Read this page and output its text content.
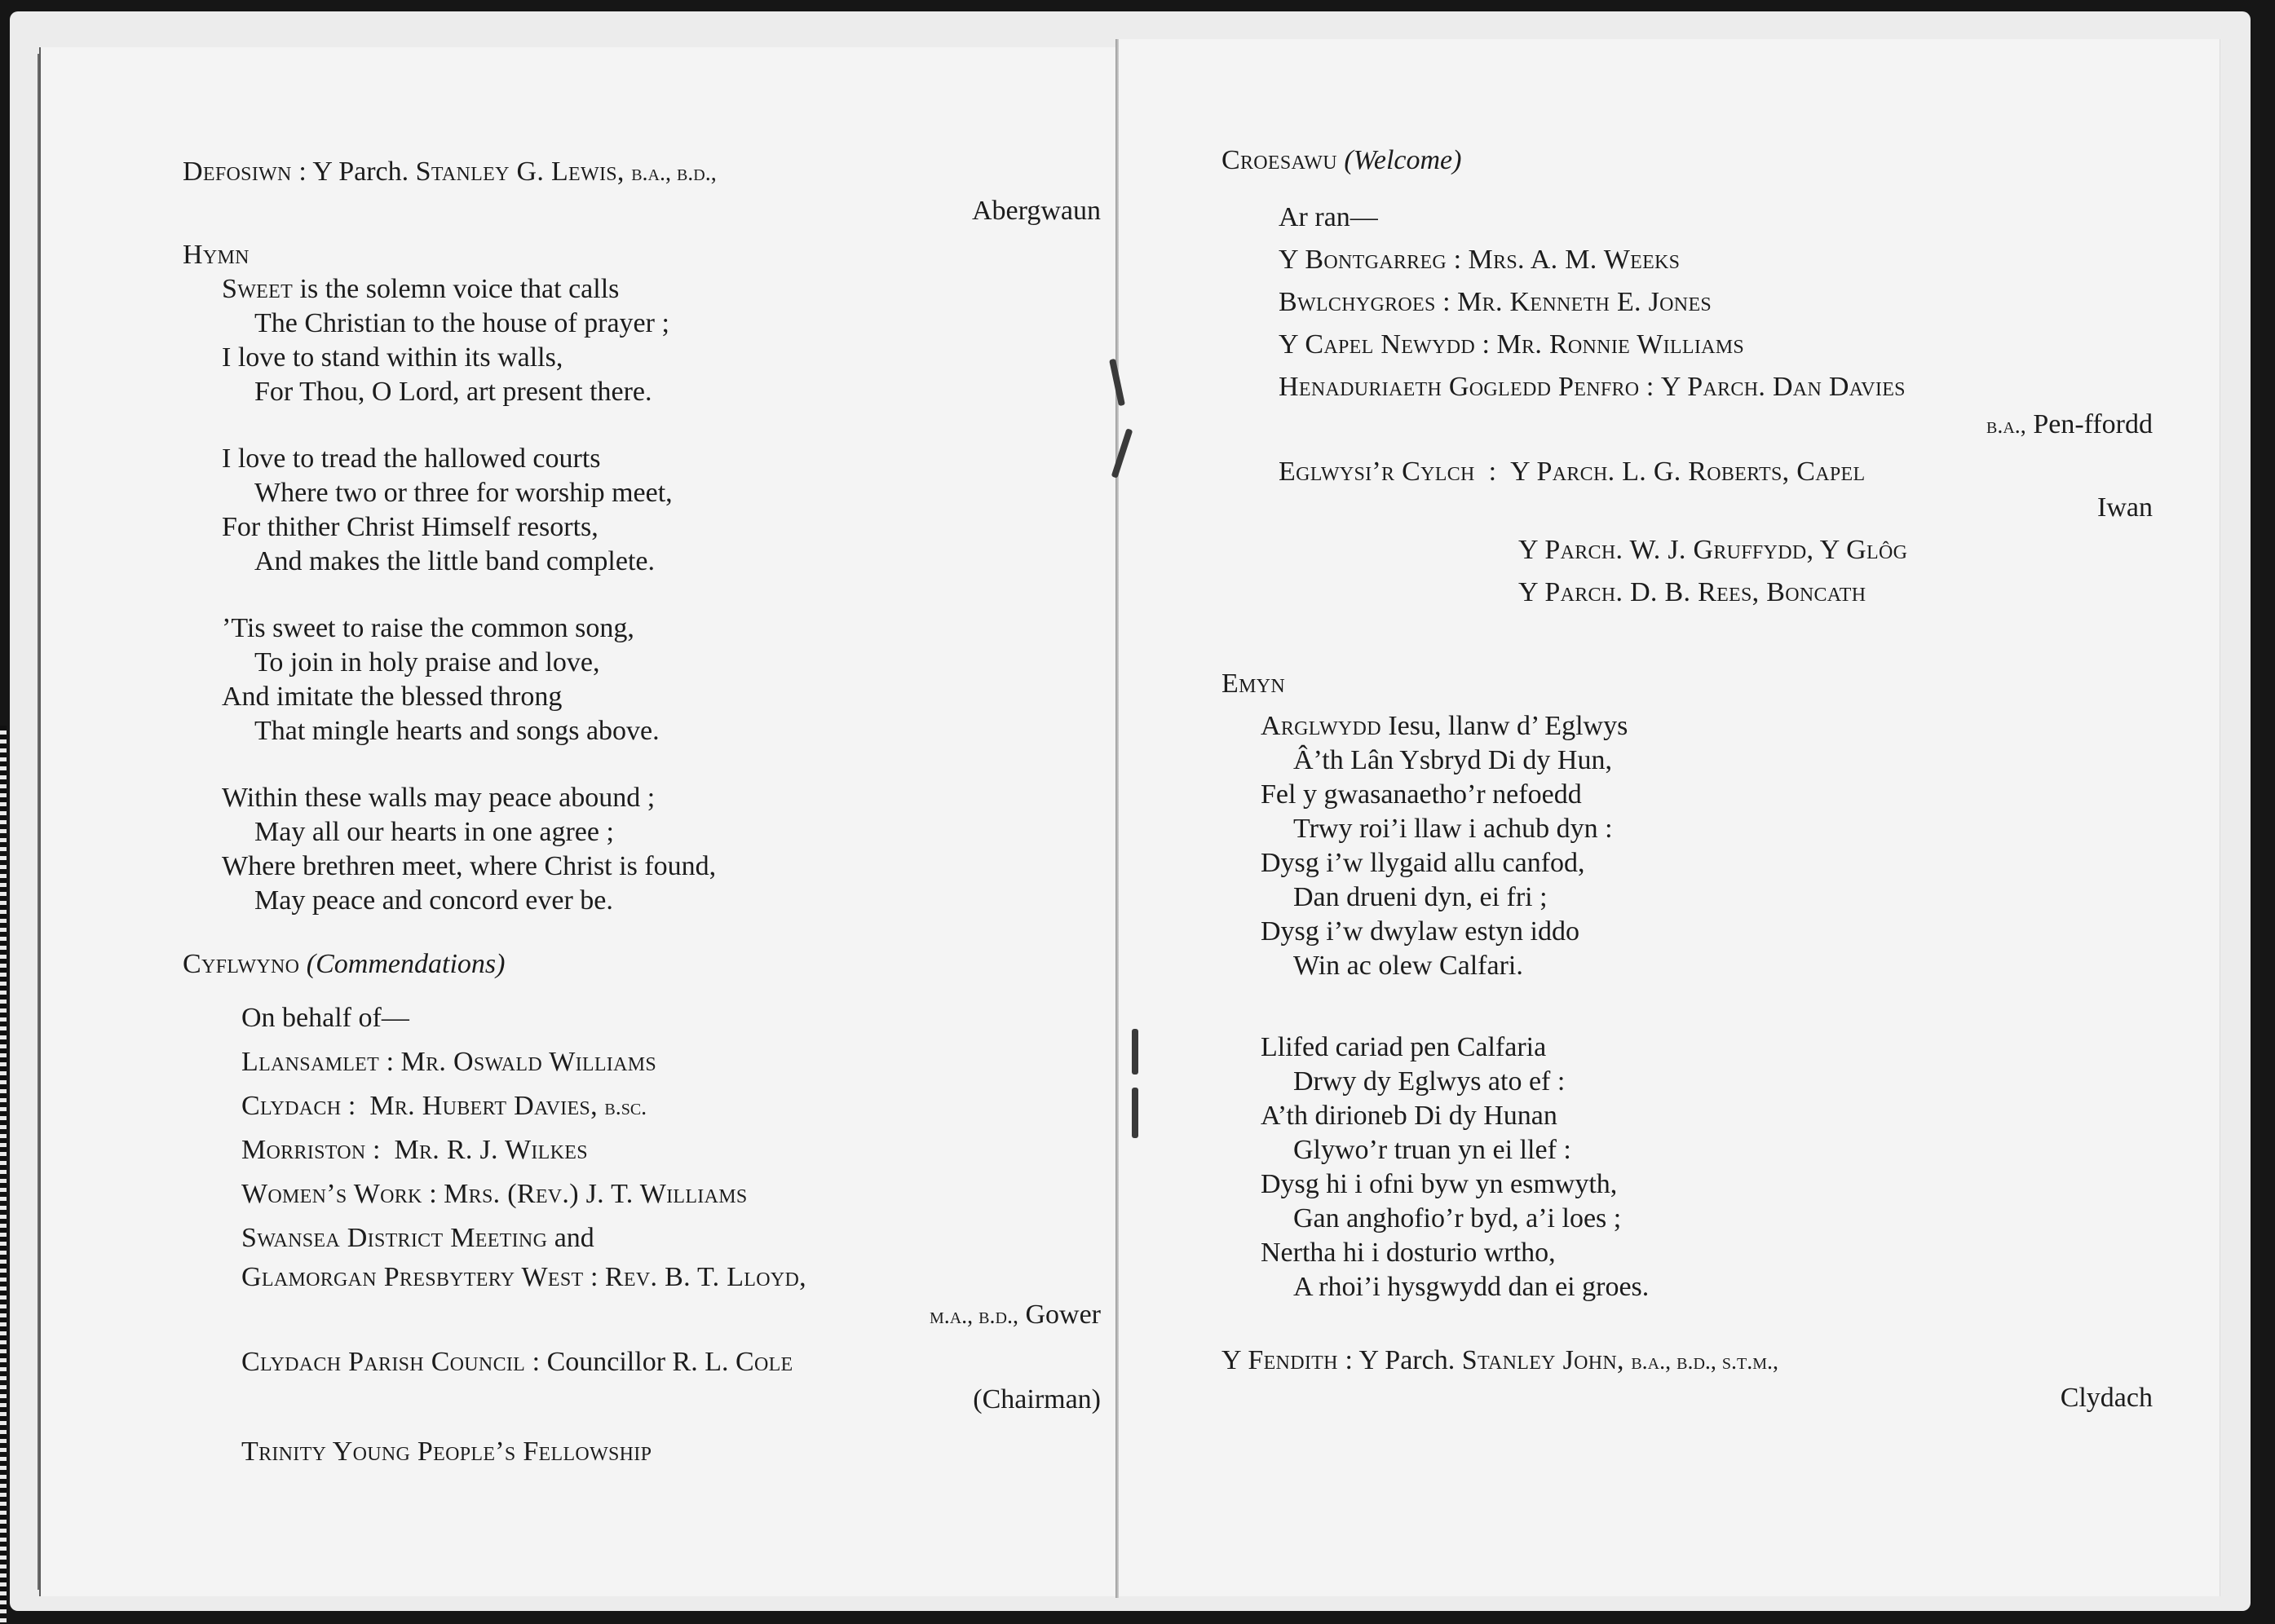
Defosiwn : Y Parch. Stanley G. Lewis, b.a., b.d.,
Abergwaun
Hymn
Sweet is the solemn voice that calls
The Christian to the house of prayer ;
I love to stand within its walls,
For Thou, O Lord, art present there.
I love to tread the hallowed courts
Where two or three for worship meet,
For thither Christ Himself resorts,
And makes the little band complete.
’Tis sweet to raise the common song,
To join in holy praise and love,
And imitate the blessed throng
That mingle hearts and songs above.
Within these walls may peace abound ;
May all our hearts in one agree ;
Where brethren meet, where Christ is found,
May peace and concord ever be.
Cyflwyno (Commendations)
On behalf of—
Llansamlet : Mr. Oswald Williams
Clydach :  Mr. Hubert Davies, b.sc.
Morriston :  Mr. R. J. Wilkes
Women’s Work : Mrs. (Rev.) J. T. Williams
Swansea District Meeting and
Glamorgan Presbytery West : Rev. B. T. Lloyd,
m.a., b.d., Gower
Clydach Parish Council : Councillor R. L. Cole
(Chairman)
Trinity Young People’s Fellowship
Croesawu (Welcome)
Ar ran—
Y Bontgarreg : Mrs. A. M. Weeks
Bwlchygroes : Mr. Kenneth E. Jones
Y Capel Newydd : Mr. Ronnie Williams
Henaduriaeth Gogledd Penfro : Y Parch. Dan Davies
b.a., Pen-ffordd
Eglwysi’r Cylch  :  Y Parch. L. G. Roberts, Capel
Iwan
Y Parch. W. J. Gruffydd, Y Glôg
Y Parch. D. B. Rees, Boncath
Emyn
Arglwydd Iesu, llanw d’ Eglwys
Â’th Lân Ysbryd Di dy Hun,
Fel y gwasanaetho’r nefoedd
Trwy roi’i llaw i achub dyn :
Dysg i’w llygaid allu canfod,
Dan drueni dyn, ei fri ;
Dysg i’w dwylaw estyn iddo
Win ac olew Calfari.
Llifed cariad pen Calfaria
Drwy dy Eglwys ato ef :
A’th dirioneb Di dy Hunan
Glywo’r truan yn ei llef :
Dysg hi i ofni byw yn esmwyth,
Gan anghofio’r byd, a’i loes ;
Nertha hi i dosturio wrtho,
A rhoi’i hysgwydd dan ei groes.
Y Fendith : Y Parch. Stanley John, b.a., b.d., s.t.m.,
Clydach
